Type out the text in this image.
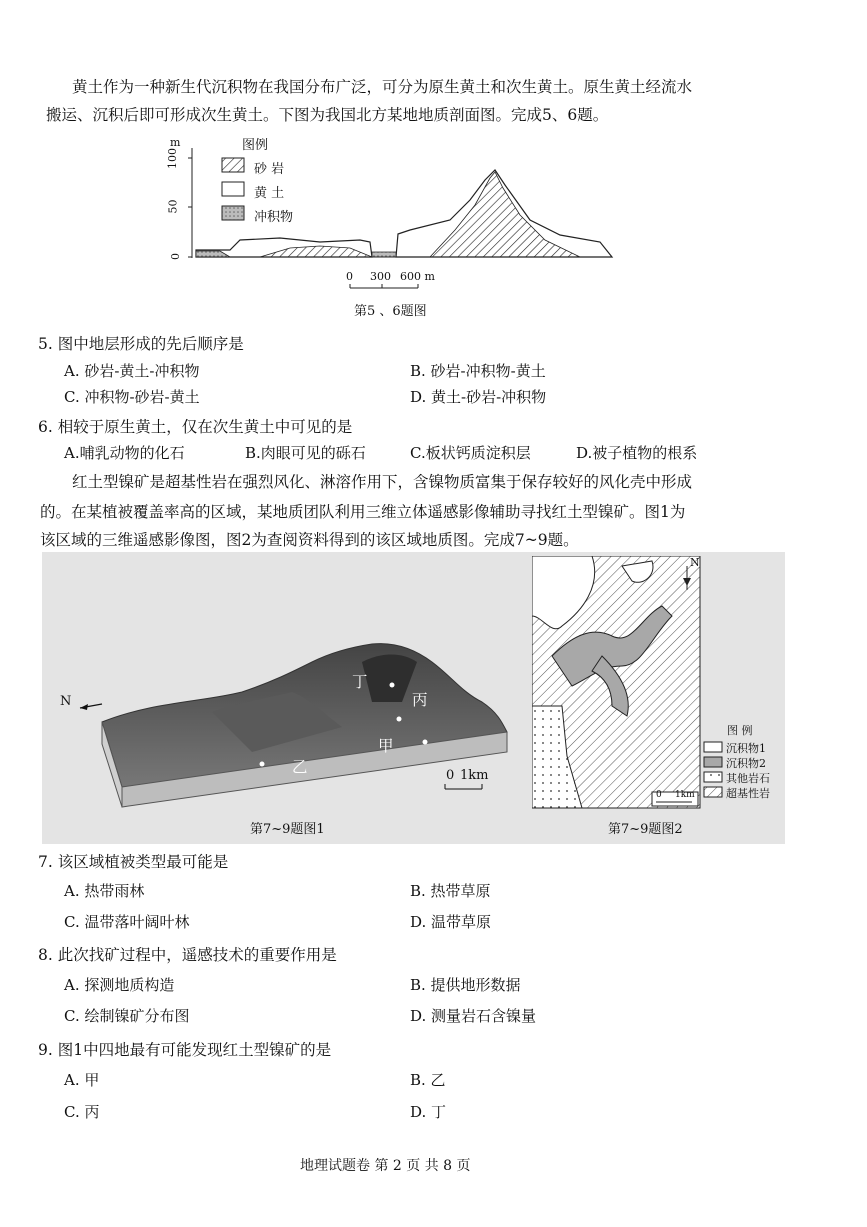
黄土作为一种新生代沉积物在我国分布广泛，可分为原生黄土和次生黄土。原生黄土经流水
搬运、沉积后即可形成次生黄土。下图为我国北方某地地质剖面图。完成5、6题。
m
100
50
0
图例
砂 岩
黄 土
冲积物
0 300 600 m
第5 、6题图
5. 图中地层形成的先后顺序是
A. 砂岩-黄土-冲积物	B. 砂岩-冲积物-黄土
C. 冲积物-砂岩-黄土	D. 黄土-砂岩-冲积物
6. 相较于原生黄土，仅在次生黄土中可见的是
A.哺乳动物的化石	B.肉眼可见的砾石	C.板状钙质淀积层	D.被子植物的根系
红土型镍矿是超基性岩在强烈风化、淋溶作用下，含镍物质富集于保存较好的风化壳中形成
的。在某植被覆盖率高的区域，某地质团队利用三维立体遥感影像辅助寻找红土型镍矿。图1为
该区域的三维遥感影像图，图2为查阅资料得到的该区域地质图。完成7~9题。
N
丁
丙
甲
乙	0 1km
第7~9题图1
N
图 例
沉积物1
沉积物2
其他岩石
超基性岩
0 1km
第7~9题图2
7. 该区域植被类型最可能是
A. 热带雨林	B. 热带草原
C. 温带落叶阔叶林	D. 温带草原
8. 此次找矿过程中，遥感技术的重要作用是
A. 探测地质构造	B. 提供地形数据
C. 绘制镍矿分布图	D. 测量岩石含镍量
9. 图1中四地最有可能发现红土型镍矿的是
A. 甲	B. 乙
C. 丙	D. 丁
地理试题卷 第 2 页 共 8 页
